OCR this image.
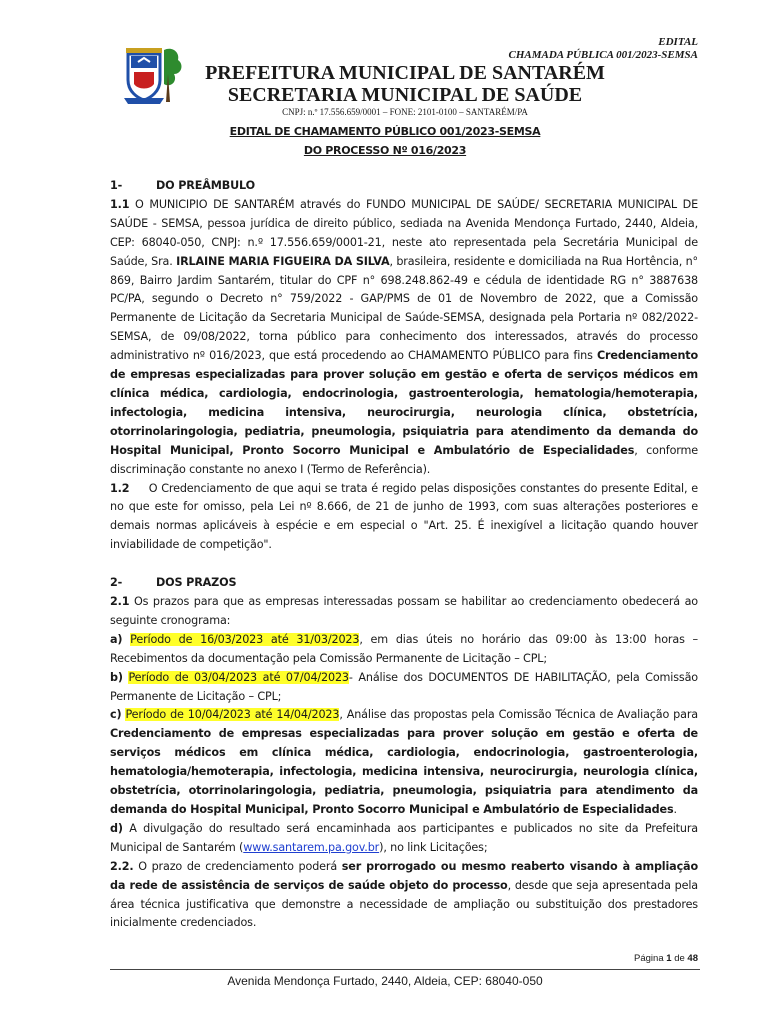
EDITAL
CHAMADA PÚBLICA 001/2023-SEMSA
PREFEITURA MUNICIPAL DE SANTARÉM
SECRETARIA MUNICIPAL DE SAÚDE
CNPJ: n.º 17.556.659/0001 – FONE: 2101-0100 – SANTARÉM/PA
EDITAL DE CHAMAMENTO PÚBLICO 001/2023-SEMSA
DO PROCESSO Nº 016/2023

1-	DO PREÂMBULO

1.1 O MUNICIPIO DE SANTARÉM através do FUNDO MUNICIPAL DE SAÚDE/ SECRETARIA MUNICIPAL DE SAÚDE - SEMSA, pessoa jurídica de direito público, sediada na Avenida Mendonça Furtado, 2440, Aldeia, CEP: 68040-050, CNPJ: n.º 17.556.659/0001-21, neste ato representada pela Secretária Municipal de Saúde, Sra. IRLAINE MARIA FIGUEIRA DA SILVA, brasileira, residente e domiciliada na Rua Hortência, n° 869, Bairro Jardim Santarém, titular do CPF n° 698.248.862-49 e cédula de identidade RG n° 3887638 PC/PA, segundo o Decreto n° 759/2022 - GAP/PMS de 01 de Novembro de 2022, que a Comissão Permanente de Licitação da Secretaria Municipal de Saúde-SEMSA, designada pela Portaria nº 082/2022-SEMSA, de 09/08/2022, torna público para conhecimento dos interessados, através do processo administrativo nº 016/2023, que está procedendo ao CHAMAMENTO PÚBLICO para fins Credenciamento de empresas especializadas para prover solução em gestão e oferta de serviços médicos em clínica médica, cardiologia, endocrinologia, gastroenterologia, hematologia/hemoterapia, infectologia, medicina intensiva, neurocirurgia, neurologia clínica, obstetrícia, otorrinolaringologia, pediatria, pneumologia, psiquiatria para atendimento da demanda do Hospital Municipal, Pronto Socorro Municipal e Ambulatório de Especialidades, conforme discriminação constante no anexo I (Termo de Referência).

1.2     O Credenciamento de que aqui se trata é regido pelas disposições constantes do presente Edital, e no que este for omisso, pela Lei nº 8.666, de 21 de junho de 1993, com suas alterações posteriores e demais normas aplicáveis à espécie e em especial o "Art. 25. É inexigível a licitação quando houver inviabilidade de competição".

2-	DOS PRAZOS

2.1 Os prazos para que as empresas interessadas possam se habilitar ao credenciamento obedecerá ao seguinte cronograma:

a) Período de 16/03/2023 até 31/03/2023, em dias úteis no horário das 09:00 às 13:00 horas – Recebimentos da documentação pela Comissão Permanente de Licitação – CPL;

b) Período de 03/04/2023 até 07/04/2023- Análise dos DOCUMENTOS DE HABILITAÇÃO, pela Comissão Permanente de Licitação – CPL;

c) Período de 10/04/2023 até 14/04/2023, Análise das propostas pela Comissão Técnica de Avaliação para Credenciamento de empresas especializadas para prover solução em gestão e oferta de serviços médicos em clínica médica, cardiologia, endocrinologia, gastroenterologia, hematologia/hemoterapia, infectologia, medicina intensiva, neurocirurgia, neurologia clínica, obstetrícia, otorrinolaringologia, pediatria, pneumologia, psiquiatria para atendimento da demanda do Hospital Municipal, Pronto Socorro Municipal e Ambulatório de Especialidades.

d) A divulgação do resultado será encaminhada aos participantes e publicados no site da Prefeitura Municipal de Santarém (www.santarem.pa.gov.br), no link Licitações;

2.2. O prazo de credenciamento poderá ser prorrogado ou mesmo reaberto visando à ampliação da rede de assistência de serviços de saúde objeto do processo, desde que seja apresentada pela área técnica justificativa que demonstre a necessidade de ampliação ou substituição dos prestadores inicialmente credenciados.

Página 1 de 48
Avenida Mendonça Furtado, 2440, Aldeia, CEP: 68040-050
